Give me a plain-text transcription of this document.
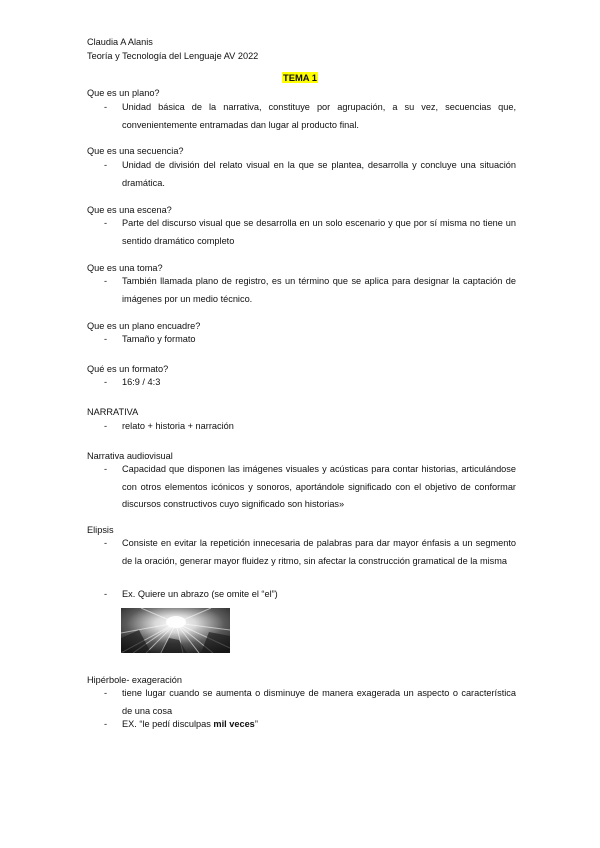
Claudia A Alanis
Teoría y Tecnología del Lenguaje AV 2022
TEMA 1
Que es un plano?
- Unidad básica de la narrativa, constituye por agrupación, a su vez, secuencias que, convenientemente entramadas dan lugar al producto final.
Que es una secuencia?
- Unidad de división del relato visual en la que se plantea, desarrolla y concluye una situación dramática.
Que es una escena?
- Parte del discurso visual que se desarrolla en un solo escenario y que por sí misma no tiene un sentido dramático completo
Que es una toma?
- También llamada plano de registro, es un término que se aplica para designar la captación de imágenes por un medio técnico.
Que es un plano encuadre?
- Tamaño y formato
Qué es un formato?
- 16:9 / 4:3
NARRATIVA
- relato + historia + narración
Narrativa audiovisual
- Capacidad que disponen las imágenes visuales y acústicas para contar historias, articulándose con otros elementos icónicos y sonoros, aportándole significado con el objetivo de conformar discursos constructivos cuyo significado son historias»
Elipsis
- Consiste en evitar la repetición innecesaria de palabras para dar mayor énfasis a un segmento de la oración, generar mayor fluidez y ritmo, sin afectar la construcción gramatical de la misma
- Ex. Quiere un abrazo (se omite el “el”)
Hipérbole- exageración
- tiene lugar cuando se aumenta o disminuye de manera exagerada un aspecto o característica de una cosa
- EX. “le pedí disculpas mil veces”
